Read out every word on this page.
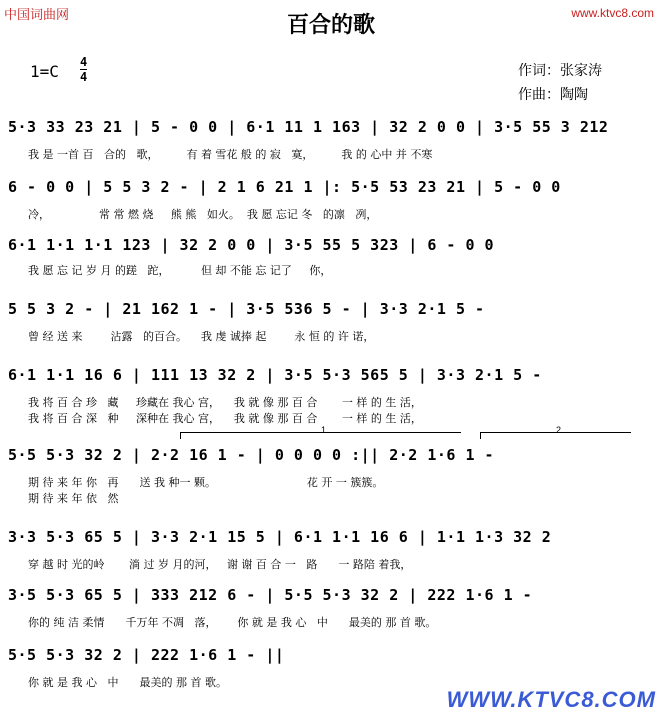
中国词曲网	www.ktvc8.com
百合的歌
1=C 4
4	作词：张家涛
作曲：陶陶
5·3 33 23 21 | 5 - 0 0 | 6·1 11 1 163 | 32 2 0 0 | 3·5 55 3 212
我 是 一首 百   合的   歌，        有 着 雪花 般 的 寂   寞，        我 的 心中 并 不寒
6 - 0 0 | 5 5 3 2 - | 2 1 6 21 1 |: 5·5 53 23 21 | 5 - 0 0
冷，              常 常 燃 烧     熊 熊   如火。  我 愿 忘记 冬   的凛   冽，
6·1 1·1 1·1 123 | 32 2 0 0 | 3·5 55 5 323 | 6 - 0 0
我 愿 忘 记 岁 月 的蹉   跎，         但 却 不能 忘 记了     你，
5 5 3 2 - | 21 162 1 - | 3·5 536 5 - | 3·3 2·1 5 -
曾 经 送 来        沾露   的百合。    我 虔 诚捧 起        永 恒 的 许 诺，
6·1 1·1 16 6 | 111 13 32 2 | 3·5 5·3 565 5 | 3·3 2·1 5 -
我 将 百 合 珍   藏     珍藏在 我心 宫，    我 就 像 那 百 合       一 样 的 生 活，
我 将 百 合 深   种     深种在 我心 宫，    我 就 像 那 百 合       一 样 的 生 活，
1	2
5·5 5·3 32 2 | 2·2 16 1 - | 0 0 0 0 :|| 2·2 1·6 1 -
期 待 来 年 你   再      送 我 种一 颗。                          花 开 一 簇簇。
期 待 来 年 依   然
3·3 5·3 65 5 | 3·3 2·1 15 5 | 6·1 1·1 16 6 | 1·1 1·3 32 2
穿 越 时 光的岭       淌 过 岁 月的河，   谢 谢 百 合 一   路      一 路陪 着我，
3·5 5·3 65 5 | 333 212 6 - | 5·5 5·3 32 2 | 222 1·6 1 -
你的 纯 洁 柔情      千万年 不凋   落，      你 就 是 我 心   中      最美的 那 首 歌。
5·5 5·3 32 2 | 222 1·6 1 - ||
你 就 是 我 心   中      最美的 那 首 歌。
WWW.KTVC8.COM
